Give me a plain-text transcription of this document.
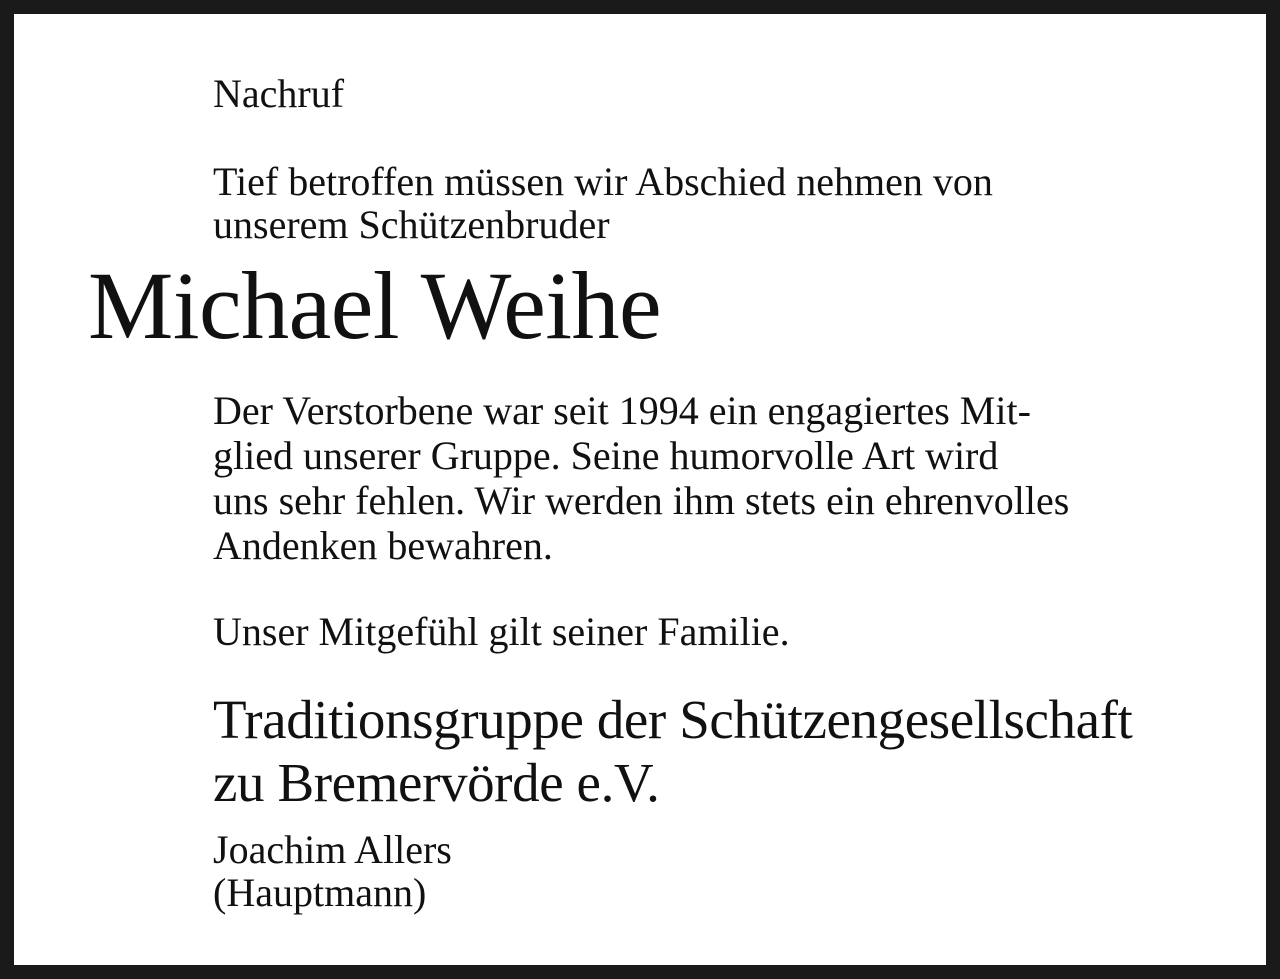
Nachruf
Tief betroffen müssen wir Abschied nehmen von
unserem Schützenbruder
Michael Weihe
Der Verstorbene war seit 1994 ein engagiertes Mit-
glied unserer Gruppe. Seine humorvolle Art wird
uns sehr fehlen. Wir werden ihm stets ein ehrenvolles
Andenken bewahren.
Unser Mitgefühl gilt seiner Familie.
Traditionsgruppe der Schützengesellschaft
zu Bremervörde e.V.
Joachim Allers
(Hauptmann)
